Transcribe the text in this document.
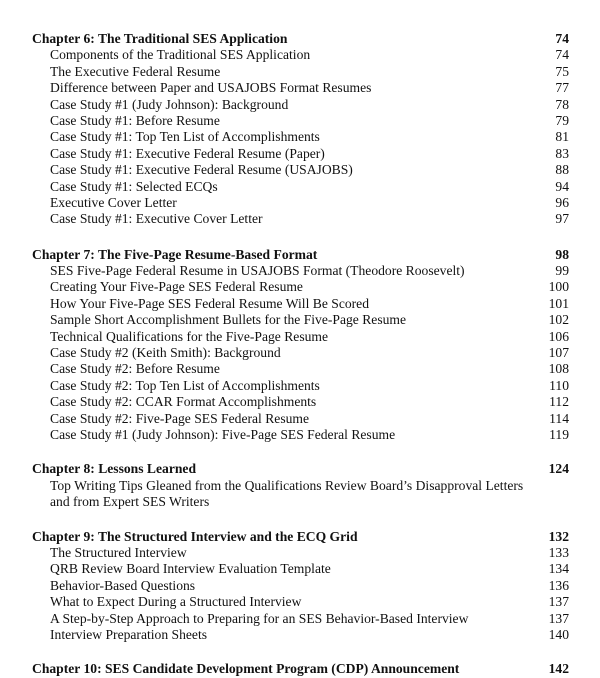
Chapter 6: The Traditional SES Application	74
Components of the Traditional SES Application	74
The Executive Federal Resume	75
Difference between Paper and USAJOBS Format Resumes	77
Case Study #1 (Judy Johnson): Background	78
Case Study #1: Before Resume	79
Case Study #1: Top Ten List of Accomplishments	81
Case Study #1: Executive Federal Resume (Paper)	83
Case Study #1: Executive Federal Resume (USAJOBS)	88
Case Study #1: Selected ECQs	94
Executive Cover Letter	96
Case Study #1: Executive Cover Letter	97
Chapter 7: The Five-Page Resume-Based Format	98
SES Five-Page Federal Resume in USAJOBS Format (Theodore Roosevelt)	99
Creating Your Five-Page SES Federal Resume	100
How Your Five-Page SES Federal Resume Will Be Scored	101
Sample Short Accomplishment Bullets for the Five-Page Resume	102
Technical Qualifications for the Five-Page Resume	106
Case Study #2 (Keith Smith): Background	107
Case Study #2: Before Resume	108
Case Study #2: Top Ten List of Accomplishments	110
Case Study #2: CCAR Format Accomplishments	112
Case Study #2: Five-Page SES Federal Resume	114
Case Study #1 (Judy Johnson): Five-Page SES Federal Resume	119
Chapter 8: Lessons Learned	124
Top Writing Tips Gleaned from the Qualifications Review Board’s Disapproval Letters and from Expert SES Writers
Chapter 9: The Structured Interview and the ECQ Grid	132
The Structured Interview	133
QRB Review Board Interview Evaluation Template	134
Behavior-Based Questions	136
What to Expect During a Structured Interview	137
A Step-by-Step Approach to Preparing for an SES Behavior-Based Interview	137
Interview Preparation Sheets	140
Chapter 10: SES Candidate Development Program (CDP) Announcement	142
